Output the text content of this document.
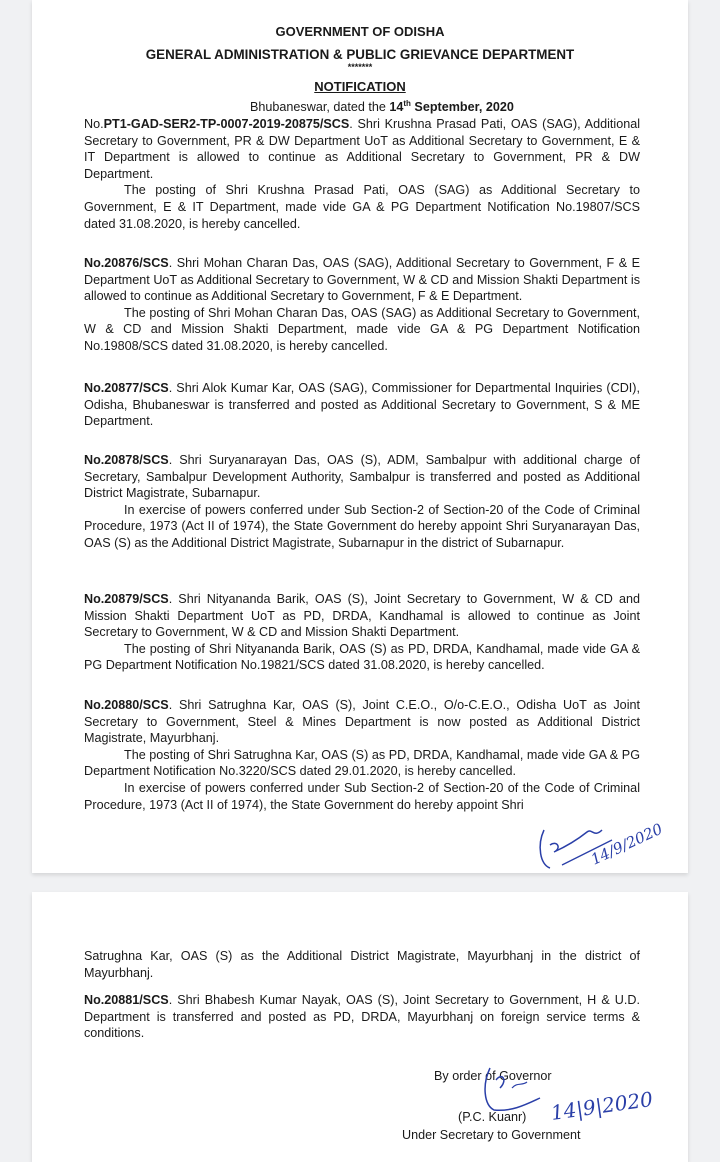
GOVERNMENT OF ODISHA
GENERAL ADMINISTRATION & PUBLIC GRIEVANCE DEPARTMENT
*******
NOTIFICATION
Bhubaneswar, dated the 14th September, 2020

No.PT1-GAD-SER2-TP-0007-2019-20875/SCS. Shri Krushna Prasad Pati, OAS (SAG), Additional Secretary to Government, PR & DW Department UoT as Additional Secretary to Government, E & IT Department is allowed to continue as Additional Secretary to Government, PR & DW Department.

The posting of Shri Krushna Prasad Pati, OAS (SAG) as Additional Secretary to Government, E & IT Department, made vide GA & PG Department Notification No.19807/SCS dated 31.08.2020, is hereby cancelled.

No.20876/SCS. Shri Mohan Charan Das, OAS (SAG), Additional Secretary to Government, F & E Department UoT as Additional Secretary to Government, W & CD and Mission Shakti Department is allowed to continue as Additional Secretary to Government, F & E Department.

The posting of Shri Mohan Charan Das, OAS (SAG) as Additional Secretary to Government, W & CD and Mission Shakti Department, made vide GA & PG Department Notification No.19808/SCS dated 31.08.2020, is hereby cancelled.

No.20877/SCS. Shri Alok Kumar Kar, OAS (SAG), Commissioner for Departmental Inquiries (CDI), Odisha, Bhubaneswar is transferred and posted as Additional Secretary to Government, S & ME Department.

No.20878/SCS. Shri Suryanarayan Das, OAS (S), ADM, Sambalpur with additional charge of Secretary, Sambalpur Development Authority, Sambalpur is transferred and posted as Additional District Magistrate, Subarnapur.

In exercise of powers conferred under Sub Section-2 of Section-20 of the Code of Criminal Procedure, 1973 (Act II of 1974), the State Government do hereby appoint Shri Suryanarayan Das, OAS (S) as the Additional District Magistrate, Subarnapur in the district of Subarnapur.

No.20879/SCS. Shri Nityananda Barik, OAS (S), Joint Secretary to Government, W & CD and Mission Shakti Department UoT as PD, DRDA, Kandhamal is allowed to continue as Joint Secretary to Government, W & CD and Mission Shakti Department.

The posting of Shri Nityananda Barik, OAS (S) as PD, DRDA, Kandhamal, made vide GA & PG Department Notification No.19821/SCS dated 31.08.2020, is hereby cancelled.

No.20880/SCS. Shri Satrughna Kar, OAS (S), Joint C.E.O., O/o-C.E.O., Odisha UoT as Joint Secretary to Government, Steel & Mines Department is now posted as Additional District Magistrate, Mayurbhanj.

The posting of Shri Satrughna Kar, OAS (S) as PD, DRDA, Kandhamal, made vide GA & PG Department Notification No.3220/SCS dated 29.01.2020, is hereby cancelled.

In exercise of powers conferred under Sub Section-2 of Section-20 of the Code of Criminal Procedure, 1973 (Act II of 1974), the State Government do hereby appoint Shri

14/9/2020

Satrughna Kar, OAS (S) as the Additional District Magistrate, Mayurbhanj in the district of Mayurbhanj.

No.20881/SCS. Shri Bhabesh Kumar Nayak, OAS (S), Joint Secretary to Government, H & U.D. Department is transferred and posted as PD, DRDA, Mayurbhanj on foreign service terms & conditions.

By order of Governor
(P.C. Kuanr)
Under Secretary to Government
14|9|2020
